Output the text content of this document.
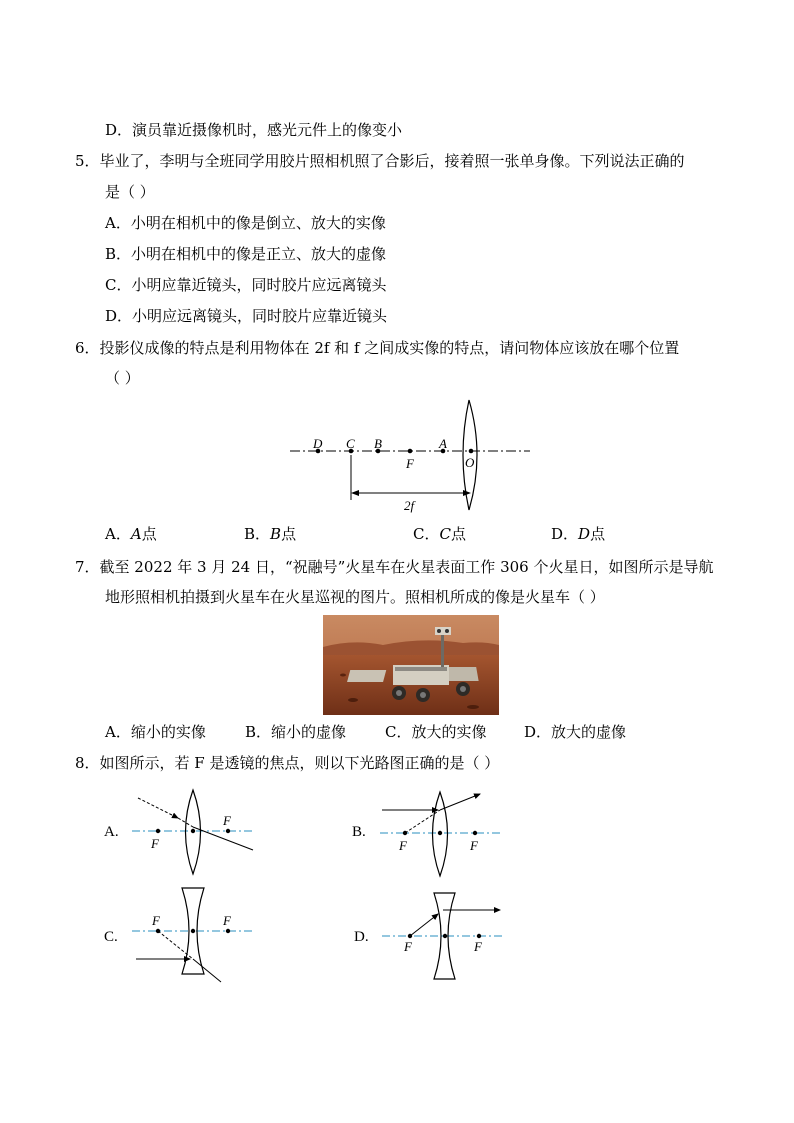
D．演员靠近摄像机时，感光元件上的像变小
5．毕业了，李明与全班同学用胶片照相机照了合影后，接着照一张单身像。下列说法正确的
是（ ）
A．小明在相机中的像是倒立、放大的实像
B．小明在相机中的像是正立、放大的虚像
C．小明应靠近镜头，同时胶片应远离镜头
D．小明应远离镜头，同时胶片应靠近镜头
6．投影仪成像的特点是利用物体在 2f 和 f 之间成实像的特点，请问物体应该放在哪个位置
（ ）
D C B
F
A
O
2f
A．A点	B．B点	C．C点	D．D点
7．截至 2022 年 3 月 24 日，“祝融号”火星车在火星表面工作 306 个火星日，如图所示是导航
地形照相机拍摄到火星车在火星巡视的图片。照相机所成的像是火星车（ ）
A．缩小的实像	B．缩小的虚像	C．放大的实像	D．放大的虚像
8．如图所示，若 F 是透镜的焦点，则以下光路图正确的是（ ）
A.
F
F
B.
F	F
C.
F	F
D.
F	F
